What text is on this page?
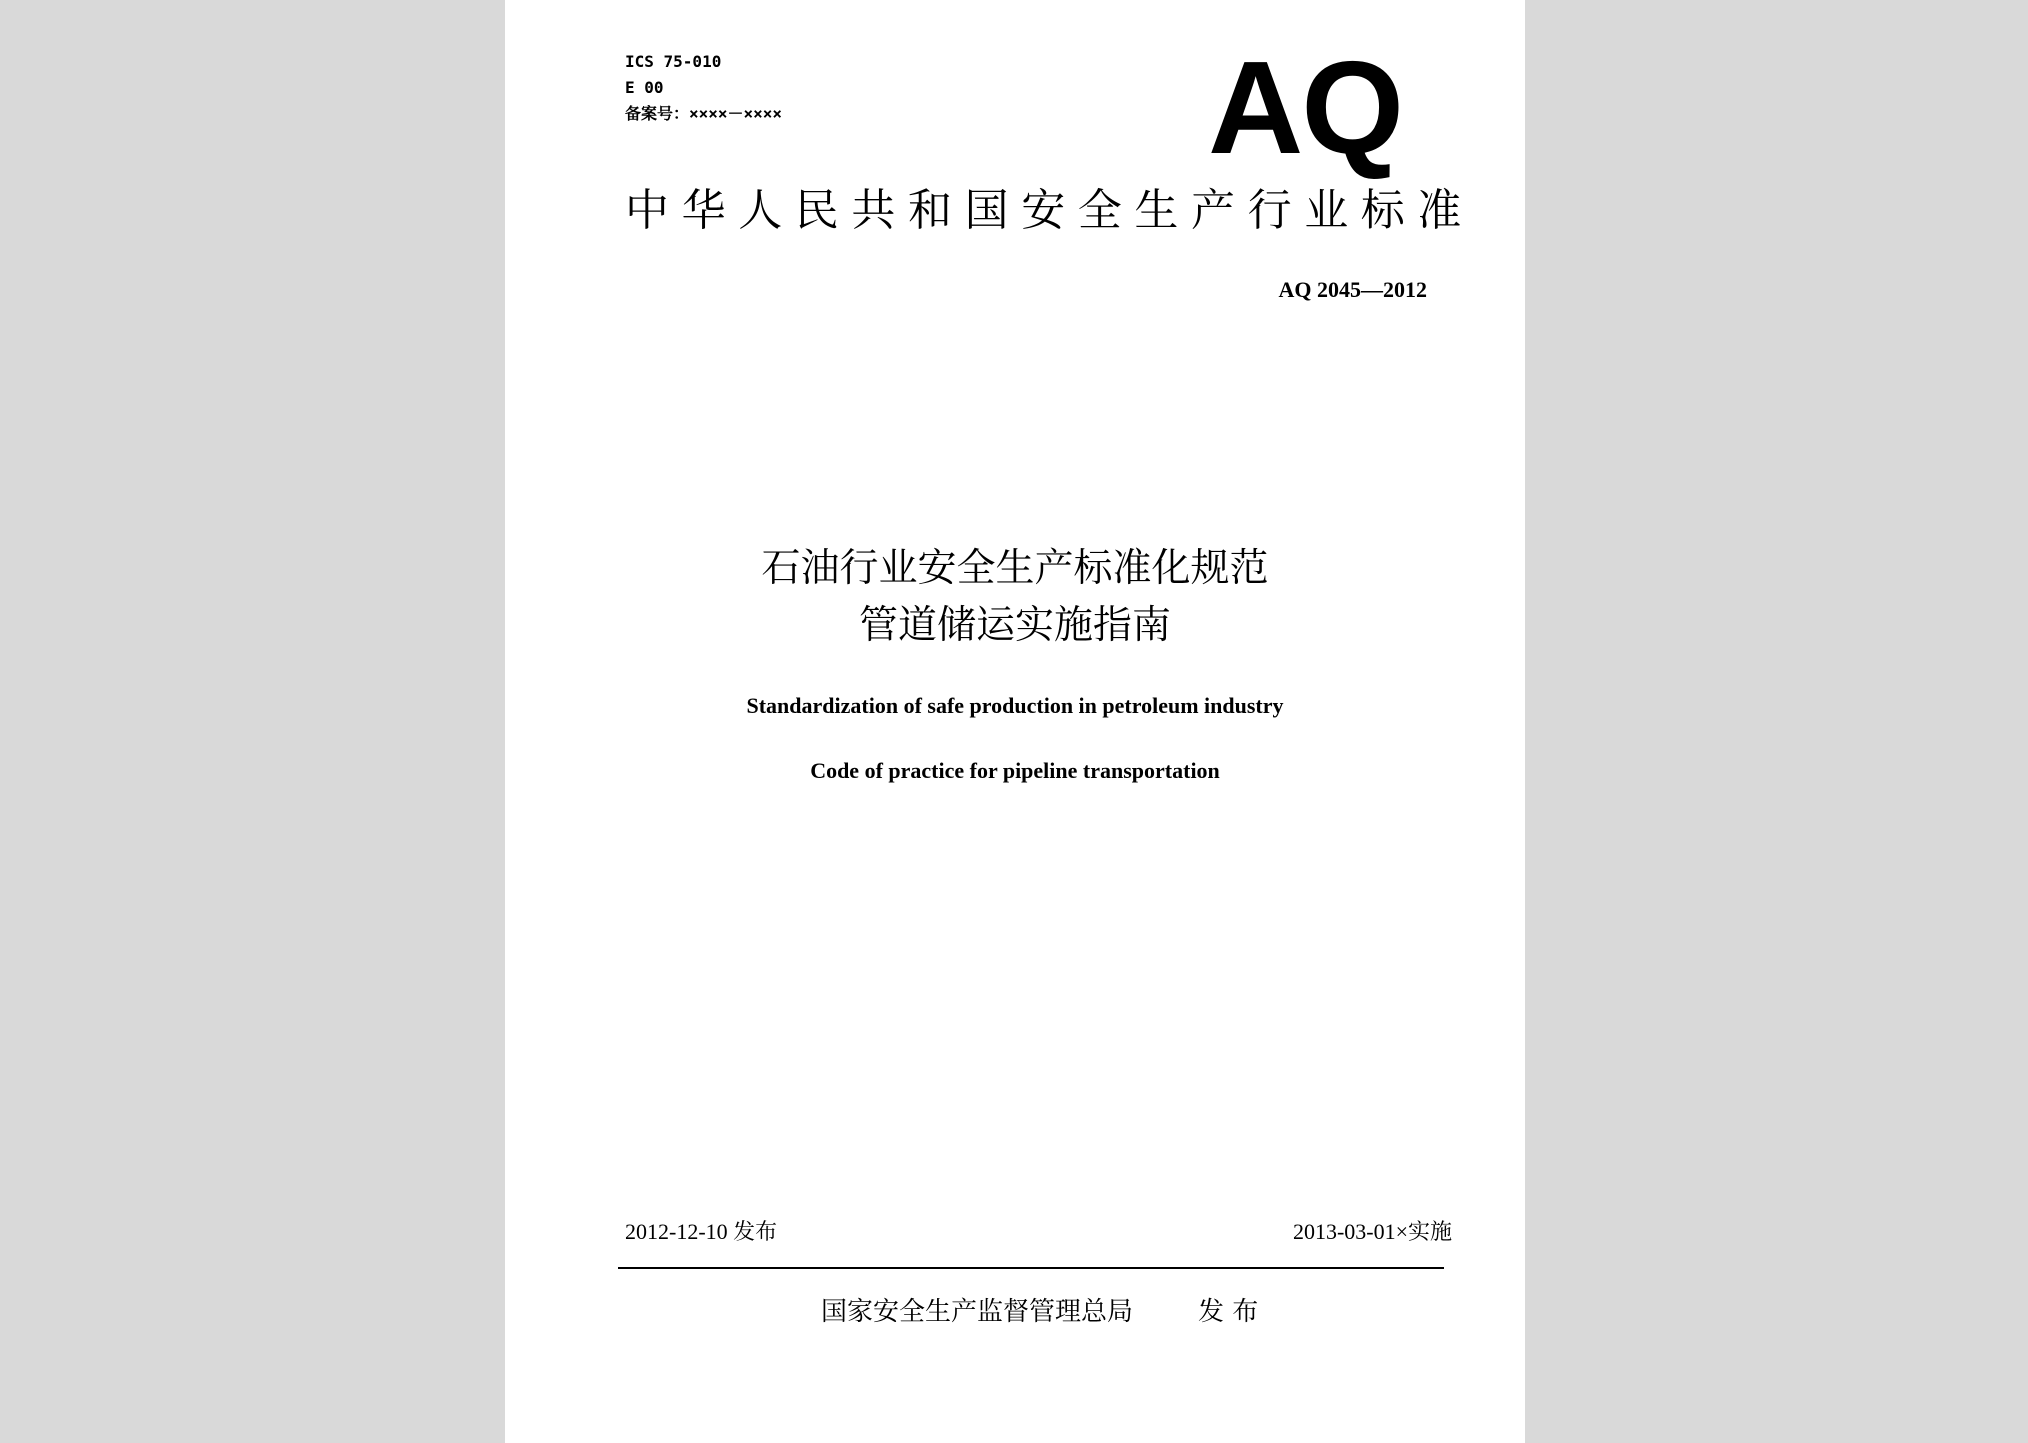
ICS 75-010
E 00
备案号：××××－××××	AQ
中华人民共和国安全生产行业标准
AQ 2045—2012
石油行业安全生产标准化规范
管道储运实施指南
Standardization of safe production in petroleum industry
Code of practice for pipeline transportation
2012-12-10 发布	2013-03-01×实施
国家安全生产监督管理总局 发 布
